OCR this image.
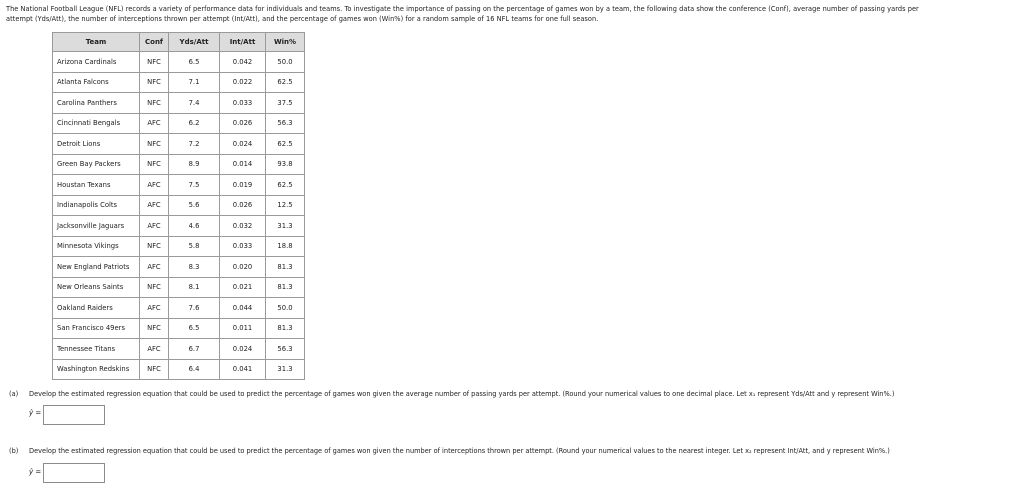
The National Football League (NFL) records a variety of performance data for individuals and teams. To investigate the importance of passing on the percentage of games won by a team, the following data show the conference (Conf), average number of passing yards per
attempt (Yds/Att), the number of interceptions thrown per attempt (Int/Att), and the percentage of games won (Win%) for a random sample of 16 NFL teams for one full season.
Team	Conf	Yds/Att	Int/Att	Win%
Arizona Cardinals	NFC	6.5	0.042	50.0
Atlanta Falcons	NFC	7.1	0.022	62.5
Carolina Panthers	NFC	7.4	0.033	37.5
Cincinnati Bengals	AFC	6.2	0.026	56.3
Detroit Lions	NFC	7.2	0.024	62.5
Green Bay Packers	NFC	8.9	0.014	93.8
Houstan Texans	AFC	7.5	0.019	62.5
Indianapolis Colts	AFC	5.6	0.026	12.5
Jacksonville Jaguars	AFC	4.6	0.032	31.3
Minnesota Vikings	NFC	5.8	0.033	18.8
New England Patriots	AFC	8.3	0.020	81.3
New Orleans Saints	NFC	8.1	0.021	81.3
Oakland Raiders	AFC	7.6	0.044	50.0
San Francisco 49ers	NFC	6.5	0.011	81.3
Tennessee Titans	AFC	6.7	0.024	56.3
Washington Redskins	NFC	6.4	0.041	31.3
(a) Develop the estimated regression equation that could be used to predict the percentage of games won given the average number of passing yards per attempt. (Round your numerical values to one decimal place. Let x₁ represent Yds/Att and y represent Win%.)
ŷ =
(b) Develop the estimated regression equation that could be used to predict the percentage of games won given the number of interceptions thrown per attempt. (Round your numerical values to the nearest integer. Let x₂ represent Int/Att, and y represent Win%.)
ŷ =
